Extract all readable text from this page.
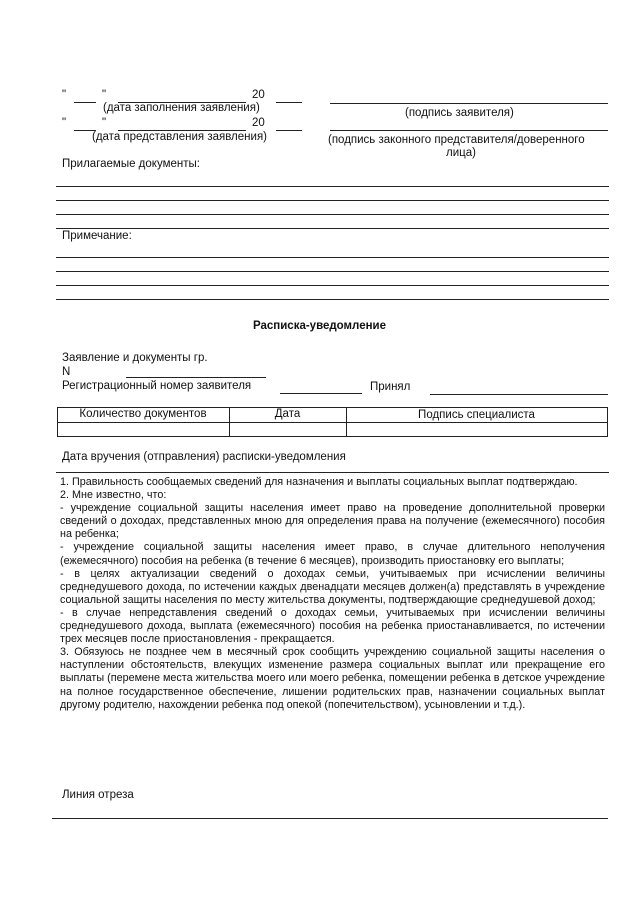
"	"	20
(дата заполнения заявления)	(подпись заявителя)
"	"	20
(дата представления заявления)	(подпись законного представителя/доверенного
лица)
Прилагаемые документы:
Примечание:
Расписка-уведомление
Заявление и документы гр.
N
Регистрационный номер заявителя	Принял
Количество документов	Дата	Подпись специалиста
Дата вручения (отправления) расписки-уведомления

1. Правильность сообщаемых сведений для назначения и выплаты социальных выплат подтверждаю.

2. Мне известно, что:

- учреждение социальной защиты населения имеет право на проведение дополнительной проверки сведений о доходах, представленных мною для определения права на получение (ежемесячного) пособия на ребенка;

- учреждение социальной защиты населения имеет право, в случае длительного неполучения (ежемесячного) пособия на ребенка (в течение 6 месяцев), производить приостановку его выплаты;

- в целях актуализации сведений о доходах семьи, учитываемых при исчислении величины среднедушевого дохода, по истечении каждых двенадцати месяцев должен(а) представлять в учреждение социальной защиты населения по месту жительства документы, подтверждающие среднедушевой доход;

- в случае непредставления сведений о доходах семьи, учитываемых при исчислении величины среднедушевого дохода, выплата (ежемесячного) пособия на ребенка приостанавливается, по истечении трех месяцев после приостановления - прекращается.

3. Обязуюсь не позднее чем в месячный срок сообщить учреждению социальной защиты населения о наступлении обстоятельств, влекущих изменение размера социальных выплат или прекращение его выплаты (перемене места жительства моего или моего ребенка, помещении ребенка в детское учреждение на полное государственное обеспечение, лишении родительских прав, назначении социальных выплат другому родителю, нахождении ребенка под опекой (попечительством), усыновлении и т.д.).

Линия отреза
